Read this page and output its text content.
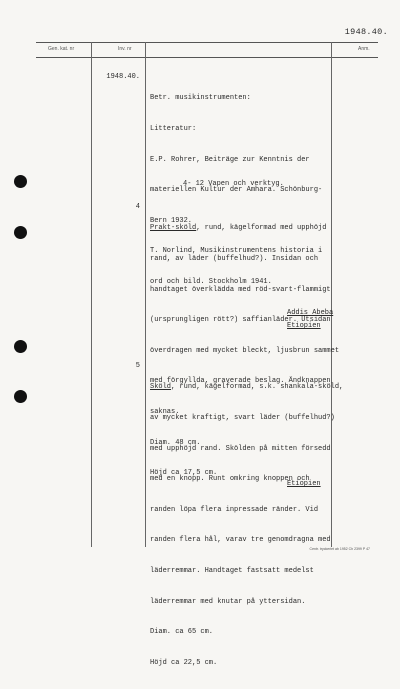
1948.40.
Gen. kat. nr	Inv. nr	Anm.
1948.40.

Betr. musikinstrumenten:

Litteratur:

E.P. Rohrer, Beiträge zur Kenntnis der

materiellen Kultur der Amhara. Schönburg-

Bern 1932.

T. Norlind, Musikinstrumentens historia i

ord och bild. Stockholm 1941.

4- 12 Vapen och verktyg.
4

Prakt-sköld, rund, kägelformad med upphöjd

rand, av läder (buffelhud?). Insidan och

handtaget överklädda med röd-svart-flammigt

(ursprungligen rött?) saffianläder. Utsidan

överdragen med mycket bleckt, ljusbrun sammet

med förgyllda, graverade beslag. Ändknappen

saknas.

Diam. 48 cm.

Höjd ca 17,5 cm.

Addis Abeba
Etiopien
5

Sköld, rund, kägelformad, s.k. shankala-sköld,

av mycket kraftigt, svart läder (buffelhud?)

med upphöjd rand. Skölden på mitten försedd

med en knopp. Runt omkring knoppen och

randen löpa flera inpressade ränder. Vid

randen flera hål, varav tre genomdragna med

läderremmar. Handtaget fastsatt medelst

läderremmar med knutar på yttersidan.

Diam. ca 65 cm.

Höjd ca 22,5 cm.

Etiopien
Centr. tryckeriet ab 1952 Ch 2399 P 47
